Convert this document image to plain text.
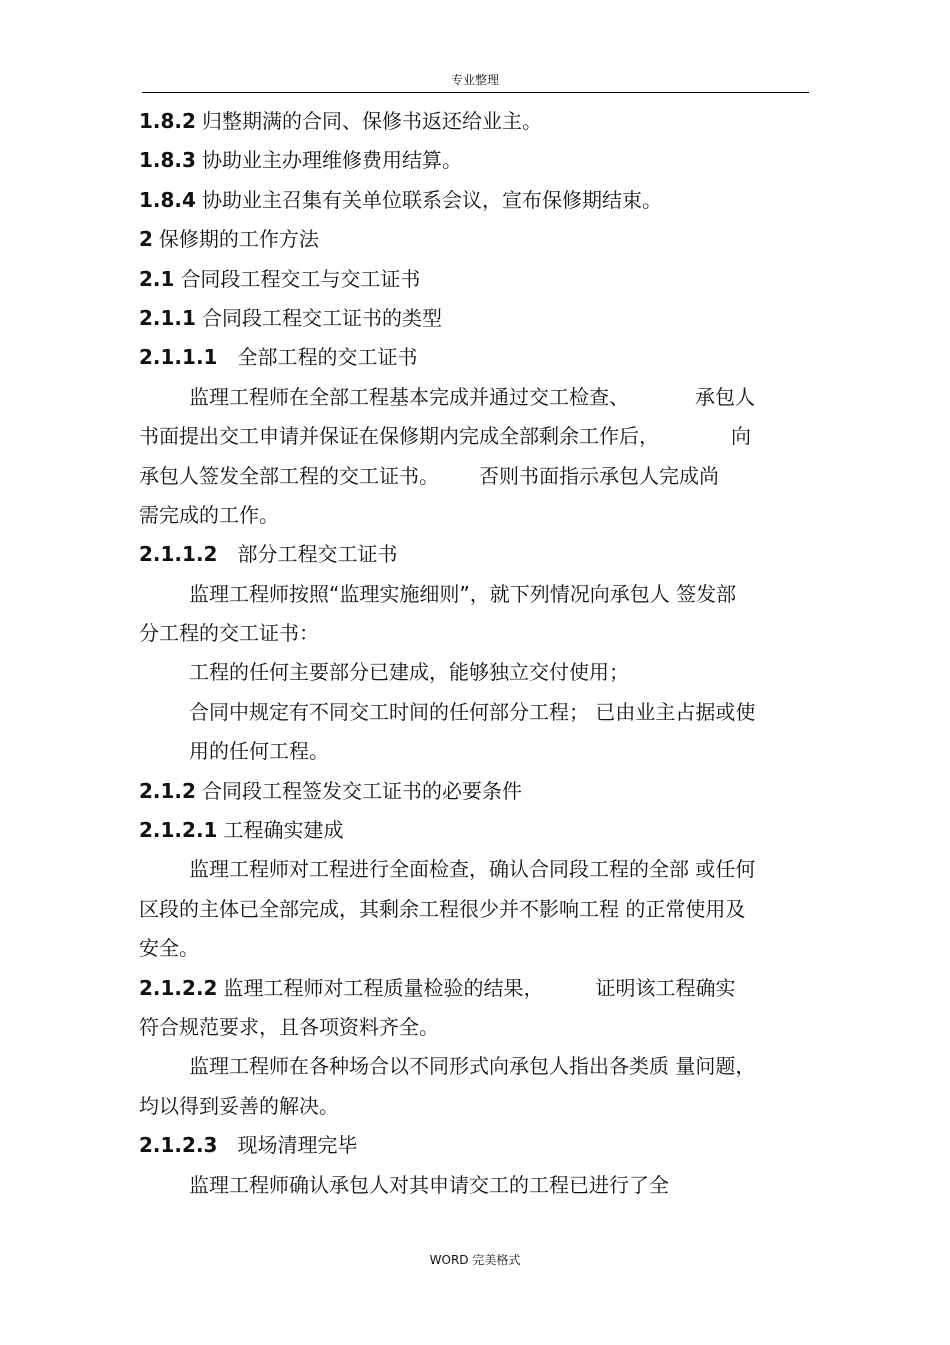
专业整理
1.8.2 归整期满的合同、保修书返还给业主。
1.8.3 协助业主办理维修费用结算。
1.8.4 协助业主召集有关单位联系会议，宣布保修期结束。
2 保修期的工作方法
2.1 合同段工程交工与交工证书
2.1.1 合同段工程交工证书的类型
2.1.1.1 全部工程的交工证书
监理工程师在全部工程基本完成并通过交工检查、	承包人
书面提出交工申请并保证在保修期内完成全部剩余工作后，	向
承包人签发全部工程的交工证书。 否则书面指示承包人完成尚
需完成的工作。
2.1.1.2 部分工程交工证书
监理工程师按照“监理实施细则”，就下列情况向承包人 签发部
分工程的交工证书：
工程的任何主要部分已建成，能够独立交付使用；
合同中规定有不同交工时间的任何部分工程； 已由业主占据或使
用的任何工程。
2.1.2 合同段工程签发交工证书的必要条件
2.1.2.1 工程确实建成
监理工程师对工程进行全面检查，确认合同段工程的全部 或任何
区段的主体已全部完成，其剩余工程很少并不影响工程 的正常使用及
安全。
2.1.2.2 监理工程师对工程质量检验的结果，	证明该工程确实
符合规范要求，且各项资料齐全。
监理工程师在各种场合以不同形式向承包人指出各类质 量问题，
均以得到妥善的解决。
2.1.2.3 现场清理完毕
监理工程师确认承包人对其申请交工的工程已进行了全
WORD 完美格式
